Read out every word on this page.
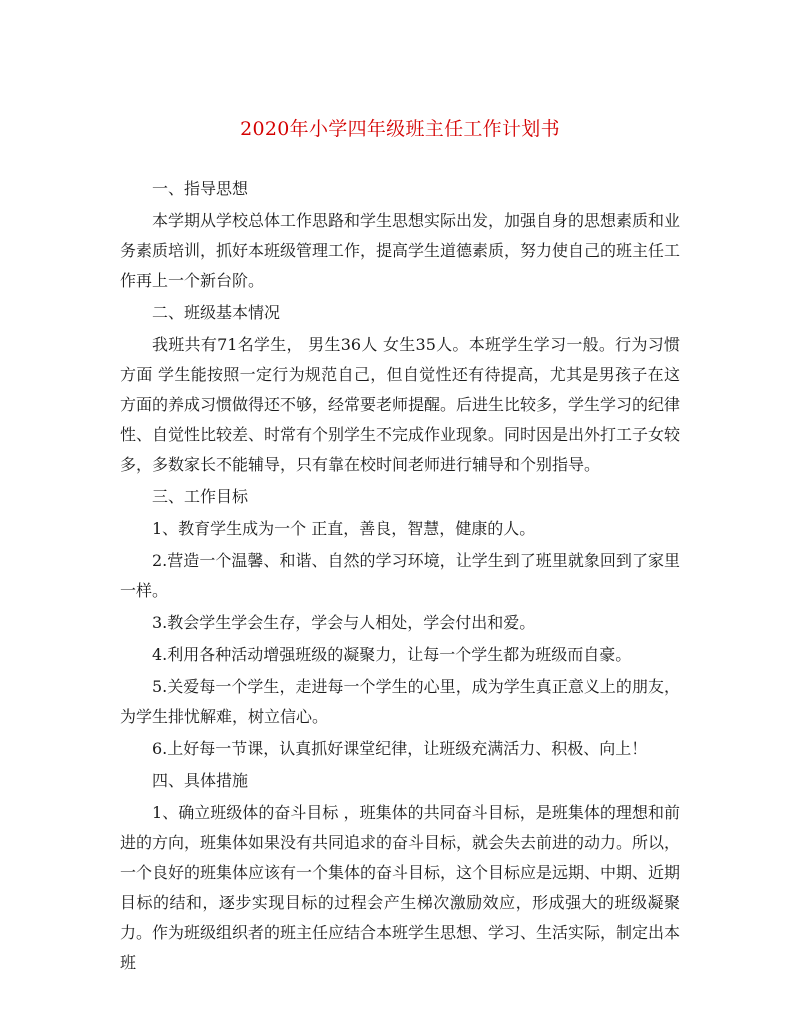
2020年小学四年级班主任工作计划书
一、指导思想
本学期从学校总体工作思路和学生思想实际出发，加强自身的思想素质和业务素质培训，抓好本班级管理工作，提高学生道德素质，努力使自己的班主任工作再上一个新台阶。
二、班级基本情况
我班共有71名学生， 男生36人 女生35人。本班学生学习一般。行为习惯方面 学生能按照一定行为规范自己，但自觉性还有待提高，尤其是男孩子在这方面的养成习惯做得还不够，经常要老师提醒。后进生比较多，学生学习的纪律性、自觉性比较差、时常有个别学生不完成作业现象。同时因是出外打工子女较多，多数家长不能辅导，只有靠在校时间老师进行辅导和个别指导。
三、工作目标
1、教育学生成为一个 正直，善良，智慧，健康的人。
2.营造一个温馨、和谐、自然的学习环境，让学生到了班里就象回到了家里一样。
3.教会学生学会生存，学会与人相处，学会付出和爱。
4.利用各种活动增强班级的凝聚力，让每一个学生都为班级而自豪。
5.关爱每一个学生，走进每一个学生的心里，成为学生真正意义上的朋友，为学生排忧解难，树立信心。
6.上好每一节课，认真抓好课堂纪律，让班级充满活力、积极、向上！
四、具体措施
1、确立班级体的奋斗目标 ，班集体的共同奋斗目标，是班集体的理想和前进的方向，班集体如果没有共同追求的奋斗目标，就会失去前进的动力。所以，一个良好的班集体应该有一个集体的奋斗目标，这个目标应是远期、中期、近期目标的结和，逐步实现目标的过程会产生梯次激励效应，形成强大的班级凝聚力。作为班级组织者的班主任应结合本班学生思想、学习、生活实际，制定出本班
